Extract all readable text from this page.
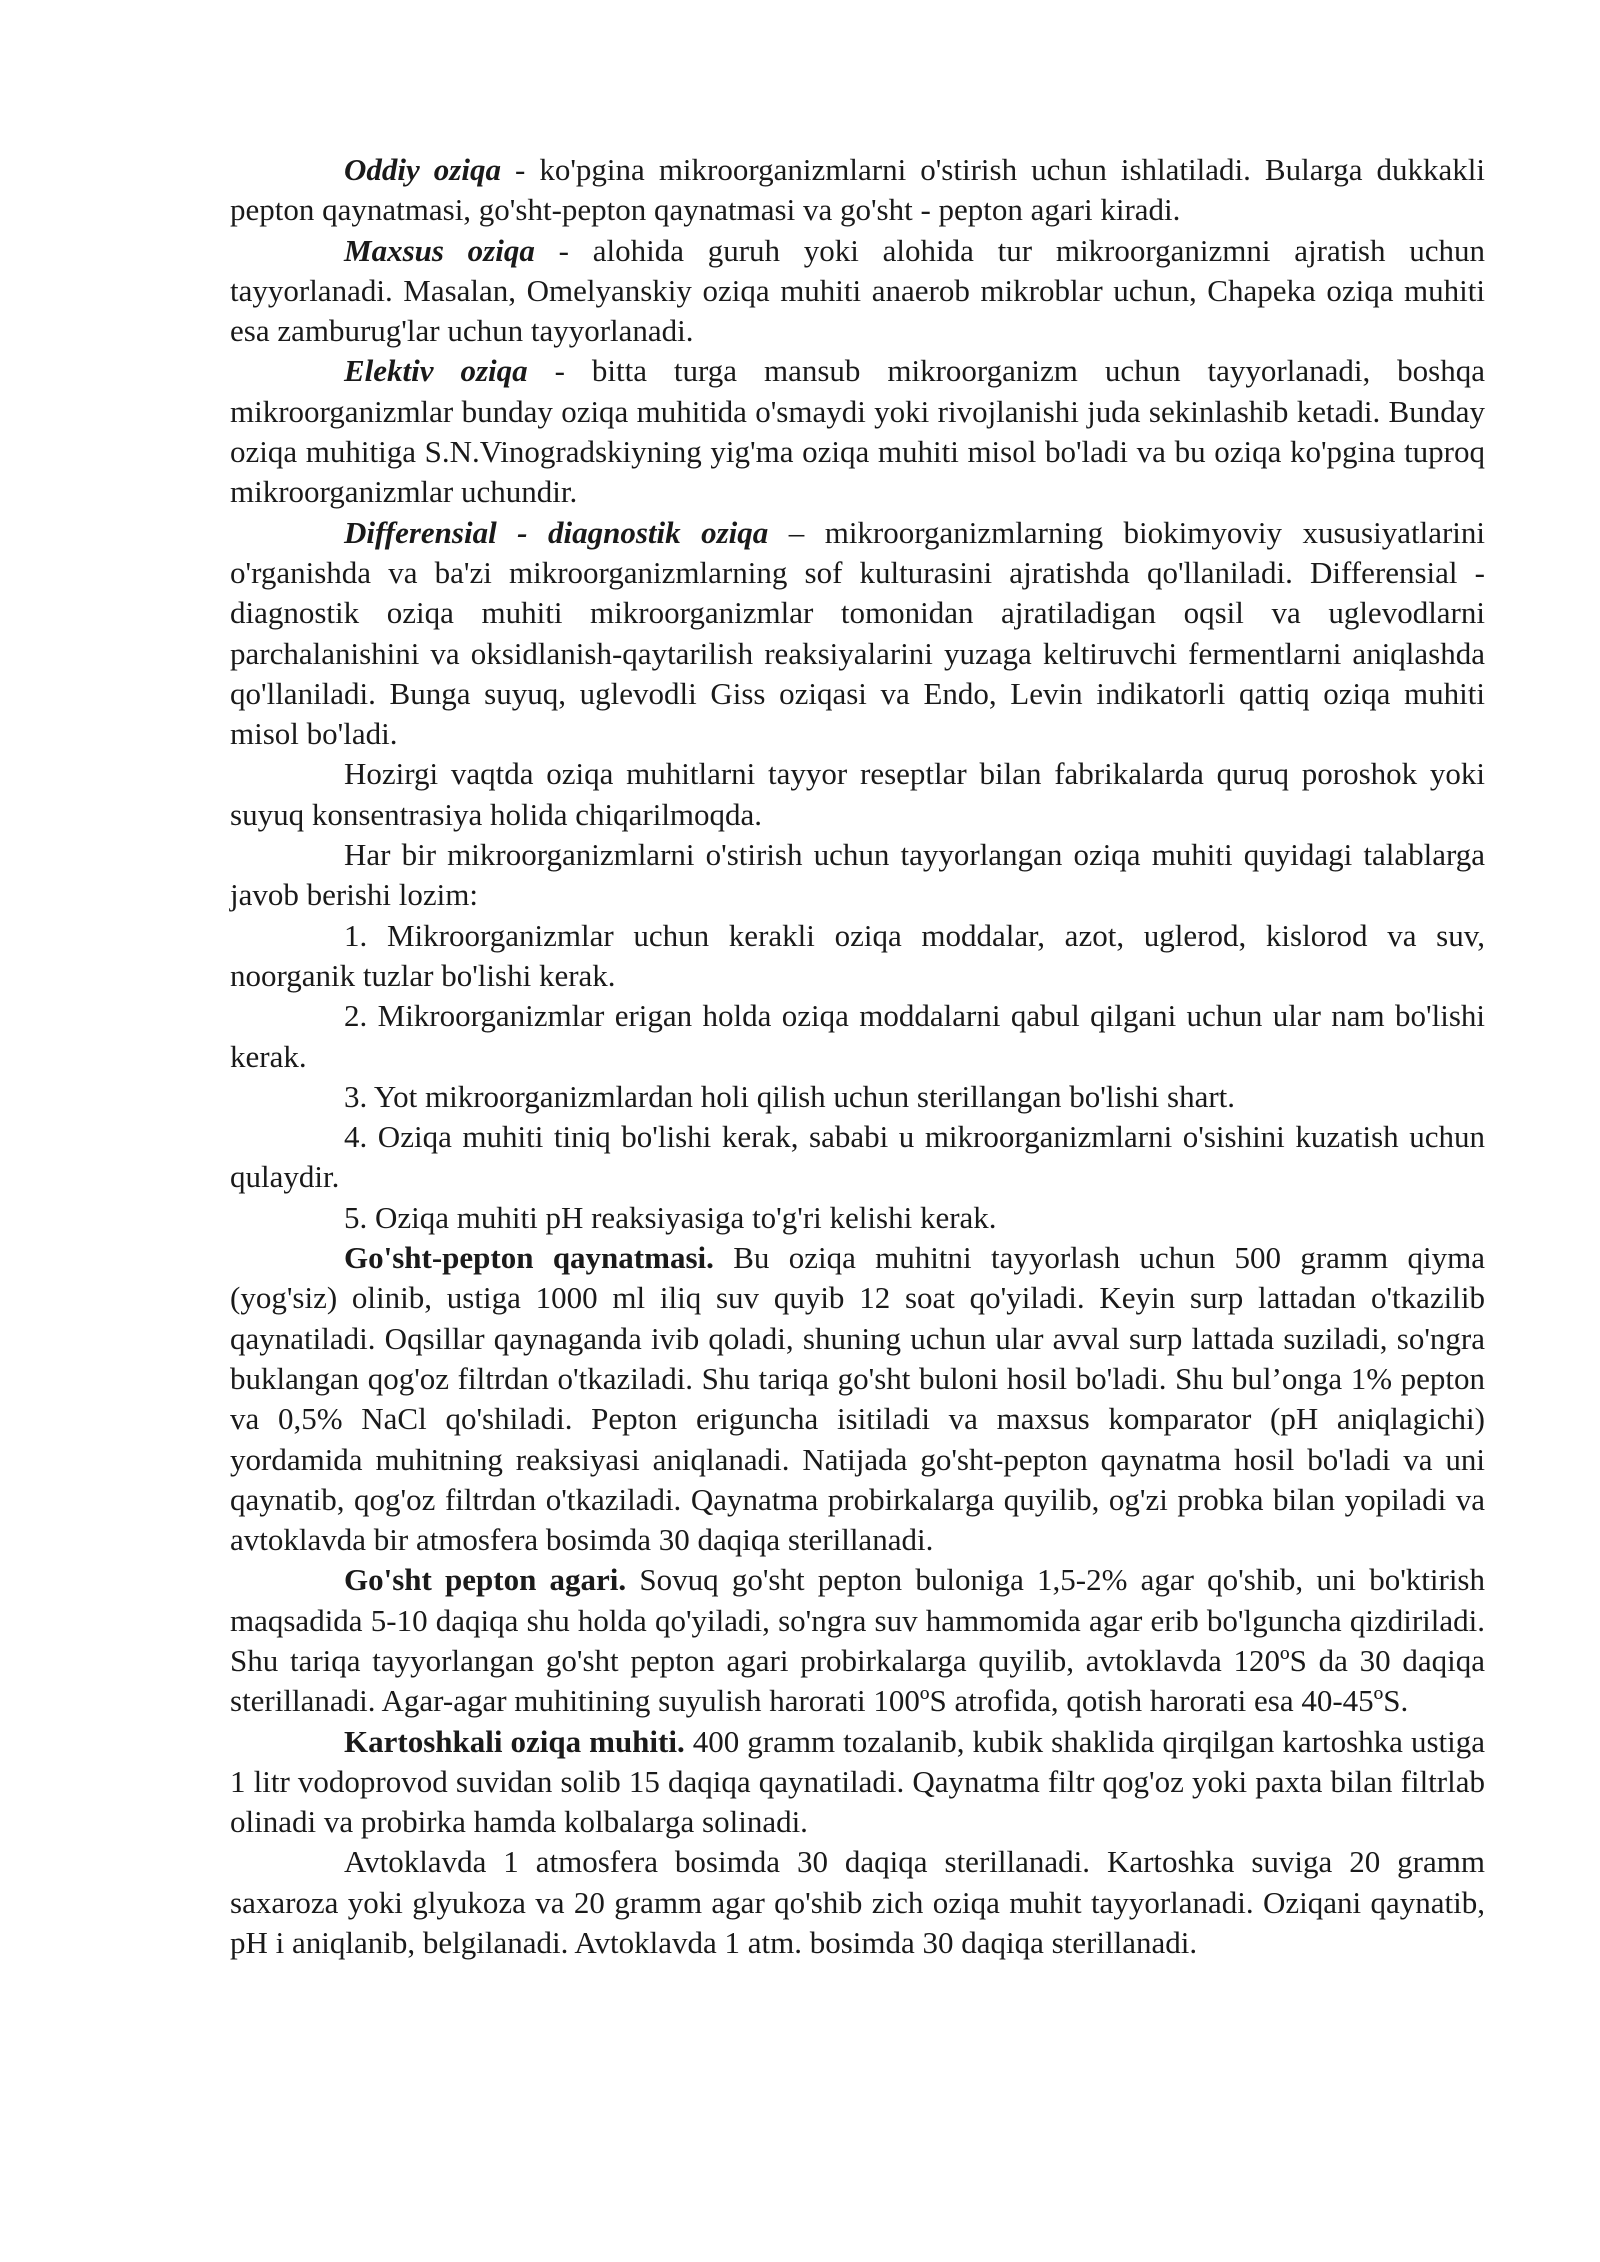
Oddiy oziqa - ko'pgina mikroorganizmlarni o'stirish uchun ishlatiladi. Bularga dukkakli pepton qaynatmasi, go'sht-pepton qaynatmasi va go'sht - pepton agari kiradi.

Maxsus oziqa - alohida guruh yoki alohida tur mikroorganizmni ajratish uchun tayyorlanadi. Masalan, Omelyanskiy oziqa muhiti anaerob mikroblar uchun, Chapeka oziqa muhiti esa zamburug'lar uchun tayyorlanadi.

Elektiv oziqa - bitta turga mansub mikroorganizm uchun tayyorlanadi, boshqa mikroorganizmlar bunday oziqa muhitida o'smaydi yoki rivojlanishi juda sekinlashib ketadi. Bunday oziqa muhitiga S.N.Vinogradskiyning yig'ma oziqa muhiti misol bo'ladi va bu oziqa ko'pgina tuproq mikroorganizmlar uchundir.

Differensial - diagnostik oziqa – mikroorganizmlarning biokimyoviy xususiyatlarini o'rganishda va ba'zi mikroorganizmlarning sof kulturasini ajratishda qo'llaniladi. Differensial - diagnostik oziqa muhiti mikroorganizmlar tomonidan ajratiladigan oqsil va uglevodlarni parchalanishini va oksidlanish-qaytarilish reaksiyalarini yuzaga keltiruvchi fermentlarni aniqlashda qo'llaniladi. Bunga suyuq, uglevodli Giss oziqasi va Endo, Levin indikatorli qattiq oziqa muhiti misol bo'ladi.

Hozirgi vaqtda oziqa muhitlarni tayyor reseptlar bilan fabrikalarda quruq poroshok yoki suyuq konsentrasiya holida chiqarilmoqda.

Har bir mikroorganizmlarni o'stirish uchun tayyorlangan oziqa muhiti quyidagi talablarga javob berishi lozim:

1. Mikroorganizmlar uchun kerakli oziqa moddalar, azot, uglerod, kislorod va suv, noorganik tuzlar bo'lishi kerak.

2. Mikroorganizmlar erigan holda oziqa moddalarni qabul qilgani uchun ular nam bo'lishi kerak.

3. Yot mikroorganizmlardan holi qilish uchun sterillangan bo'lishi shart.

4. Oziqa muhiti tiniq bo'lishi kerak, sababi u mikroorganizmlarni o'sishini kuzatish uchun qulaydir.

5. Oziqa muhiti pH reaksiyasiga to'g'ri kelishi kerak.

Go'sht-pepton qaynatmasi. Bu oziqa muhitni tayyorlash uchun 500 gramm qiyma (yog'siz) olinib, ustiga 1000 ml iliq suv quyib 12 soat qo'yiladi. Keyin surp lattadan o'tkazilib qaynatiladi. Oqsillar qaynaganda ivib qoladi, shuning uchun ular avval surp lattada suziladi, so'ngra buklangan qog'oz filtrdan o'tkaziladi. Shu tariqa go'sht buloni hosil bo'ladi. Shu bul’onga 1% pepton va 0,5% NaCl qo'shiladi. Pepton eriguncha isitiladi va maxsus komparator (pH aniqlagichi) yordamida muhitning reaksiyasi aniqlanadi. Natijada go'sht-pepton qaynatma hosil bo'ladi va uni qaynatib, qog'oz filtrdan o'tkaziladi. Qaynatma probirkalarga quyilib, og'zi probka bilan yopiladi va avtoklavda bir atmosfera bosimda 30 daqiqa sterillanadi.

Go'sht pepton agari. Sovuq go'sht pepton buloniga 1,5-2% agar qo'shib, uni bo'ktirish maqsadida 5-10 daqiqa shu holda qo'yiladi, so'ngra suv hammomida agar erib bo'lguncha qizdiriladi. Shu tariqa tayyorlangan go'sht pepton agari probirkalarga quyilib, avtoklavda 120ºS da 30 daqiqa sterillanadi. Agar-agar muhitining suyulish harorati 100ºS atrofida, qotish harorati esa 40-45ºS.

Kartoshkali oziqa muhiti. 400 gramm tozalanib, kubik shaklida qirqilgan kartoshka ustiga 1 litr vodoprovod suvidan solib 15 daqiqa qaynatiladi. Qaynatma filtr qog'oz yoki paxta bilan filtrlab olinadi va probirka hamda kolbalarga solinadi.

Avtoklavda 1 atmosfera bosimda 30 daqiqa sterillanadi. Kartoshka suviga 20 gramm saxaroza yoki glyukoza va 20 gramm agar qo'shib zich oziqa muhit tayyorlanadi. Oziqani qaynatib, pH i aniqlanib, belgilanadi. Avtoklavda 1 atm. bosimda 30 daqiqa sterillanadi.
